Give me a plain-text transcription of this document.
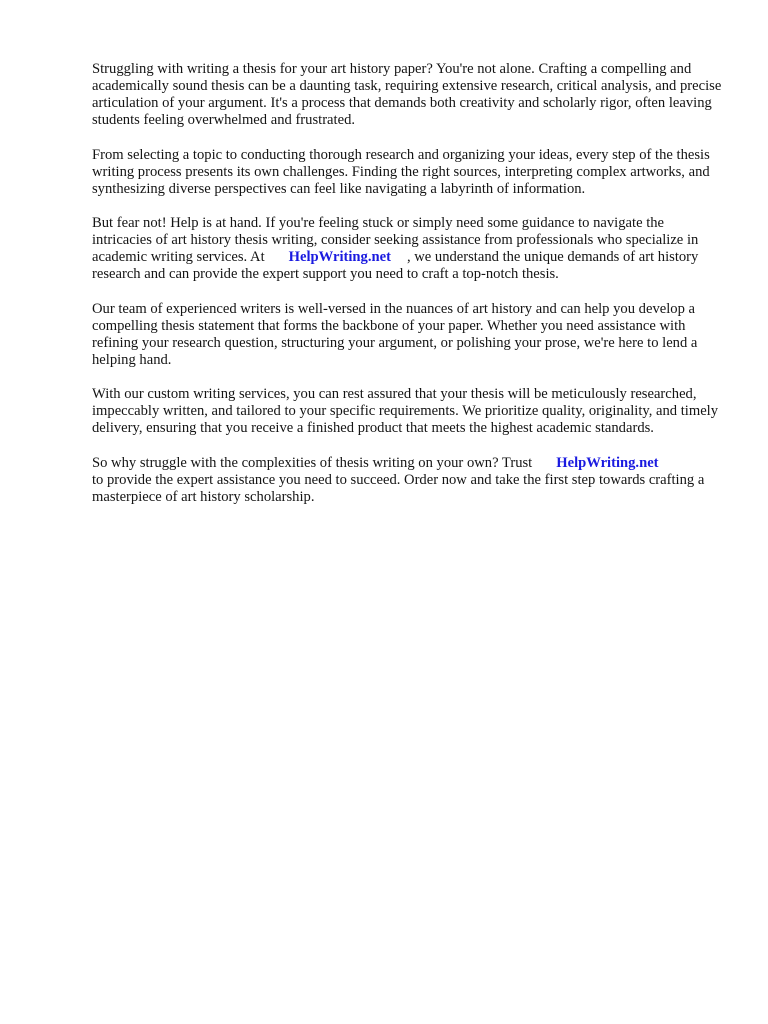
Struggling with writing a thesis for your art history paper? You're not alone. Crafting a compelling and academically sound thesis can be a daunting task, requiring extensive research, critical analysis, and precise articulation of your argument. It's a process that demands both creativity and scholarly rigor, often leaving students feeling overwhelmed and frustrated.

From selecting a topic to conducting thorough research and organizing your ideas, every step of the thesis writing process presents its own challenges. Finding the right sources, interpreting complex artworks, and synthesizing diverse perspectives can feel like navigating a labyrinth of information.

But fear not! Help is at hand. If you're feeling stuck or simply need some guidance to navigate the intricacies of art history thesis writing, consider seeking assistance from professionals who specialize in academic writing services. At HelpWriting.net , we understand the unique demands of art history research and can provide the expert support you need to craft a top-notch thesis.

Our team of experienced writers is well-versed in the nuances of art history and can help you develop a compelling thesis statement that forms the backbone of your paper. Whether you need assistance with refining your research question, structuring your argument, or polishing your prose, we're here to lend a helping hand.

With our custom writing services, you can rest assured that your thesis will be meticulously researched, impeccably written, and tailored to your specific requirements. We prioritize quality, originality, and timely delivery, ensuring that you receive a finished product that meets the highest academic standards.

So why struggle with the complexities of thesis writing on your own? Trust HelpWriting.net
to provide the expert assistance you need to succeed. Order now and take the first step towards crafting a masterpiece of art history scholarship.
